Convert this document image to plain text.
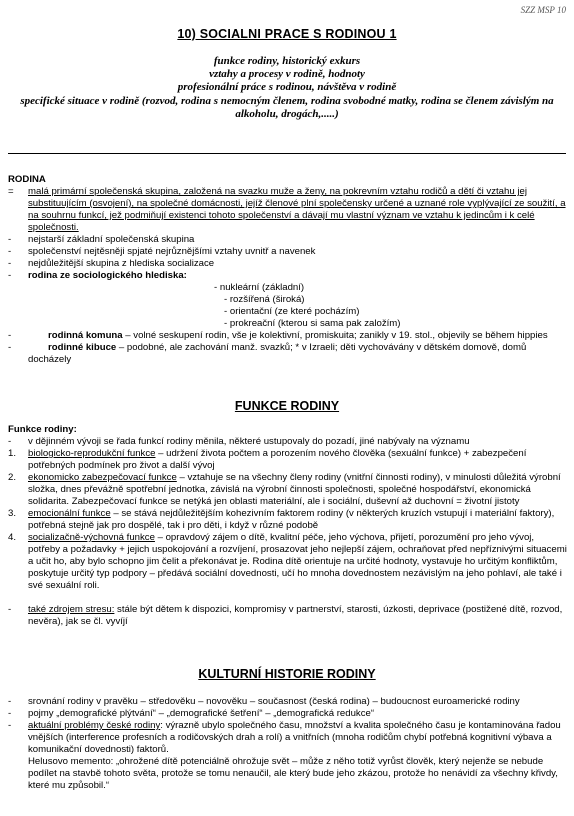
SZZ MSP 10
10) SOCIALNI PRACE S RODINOU 1
funkce rodiny, historický exkurs
vztahy a procesy v rodině, hodnoty
profesionální práce s rodinou, návštěva v rodině
specifické situace v rodině (rozvod, rodina s nemocným členem, rodina svobodné matky, rodina se členem závislým na alkoholu, drogách,.....)
RODINA
=	malá primární společenská skupina, založená na svazku muže a ženy, na pokrevním vztahu rodičů a dětí či vztahu jej substituujícím (osvojení), na společné domácnosti, jejíž členové plní společensky určené a uznané role vyplývající ze soužití, a na souhrnu funkcí, jež podmiňují existenci tohoto společenství a dávají mu vlastní význam ve vztahu k jedincům i k celé společnosti.
-	nejstarší základní společenská skupina
-	společenství nejtěsněji spjaté nejrůznějšími vztahy uvnitř a navenek
-	nejdůležitější skupina z hlediska socializace
-	rodina ze sociologického hlediska:
- nukleární (základní)
- rozšířená (široká)
- orientační (ze které pocházím)
- prokreační (kterou si sama pak založím)
-	rodinná komuna – volné seskupení rodin, vše je kolektivní, promiskuita; zanikly v 19. stol., objevily se během hippies
-	rodinné kibuce – podobné, ale zachování manž. svazků; * v Izraeli; děti vychovávány v dětském domově, domů docházely
FUNKCE RODINY
Funkce rodiny:
-	v dějinném vývoji se řada funkcí rodiny měnila, některé ustupovaly do pozadí, jiné nabývaly na významu
1.	biologicko-reprodukční funkce – udržení života počtem a porozením nového člověka (sexuální funkce) + zabezpečení potřebných podmínek pro život a další vývoj
2.	ekonomicko zabezpečovací funkce – vztahuje se na všechny členy rodiny (vnitřní činnosti rodiny), v minulosti důležitá výrobní složka, dnes převážně spotřební jednotka, závislá na výrobní činnosti společnosti, společné hospodářství, ekonomická solidarita. Zabezpečovací funkce se netýká jen oblasti materiální, ale i sociální, duševní až duchovní = životní jistoty
3.	emocionální funkce – se stává nejdůležitějším kohezivním faktorem rodiny (v některých kruzích vstupují i materiální faktory), potřebná stejně jak pro dospělé, tak i pro děti, i když v různé podobě
4.	socializačně-výchovná funkce – opravdový zájem o dítě, kvalitní péče, jeho výchova, přijetí, porozumění pro jeho vývoj, potřeby a požadavky + jejich uspokojování a rozvíjení, prosazovat jeho nejlepší zájem, ochraňovat před nepříznivými situacemi a učit ho, aby bylo schopno jim čelit a překonávat je. Rodina dítě orientuje na určité hodnoty, vystavuje ho určitým konfliktům, poskytuje určitý typ podpory – předává sociální dovednosti, učí ho mnoha dovednostem nezávislým na jeho pohlaví, ale také i své sexuální roli.
-	také zdrojem stresu: stále být dětem k dispozici, kompromisy v partnerství, starosti, úzkosti, deprivace (postižené dítě, rozvod, nevěra), jak se čl. vyvíjí
KULTURNÍ HISTORIE RODINY
-	srovnání rodiny v pravěku – středověku – novověku – současnost (česká rodina) – budoucnost euroamerické rodiny
-	pojmy „demografické plýtvání“ – „demografické šetření“ – „demografická redukce“
-	aktuální problémy české rodiny: výrazně ubylo společného času, množství a kvalita společného času je kontaminována řadou vnějších (interference profesních a rodičovských drah a rolí) a vnitřních (mnoha rodičům chybí potřebná kognitivní výbava a komunikační dovednosti) faktorů.
Helusovo memento: „ohrožené dítě potenciálně ohrožuje svět – může z něho totiž vyrůst člověk, který nejenže se nebude podílet na stavbě tohoto světa, protože se tomu nenaučil, ale který bude jeho zkázou, protože ho nenávidí za všechny křivdy, které mu způsobil.“
